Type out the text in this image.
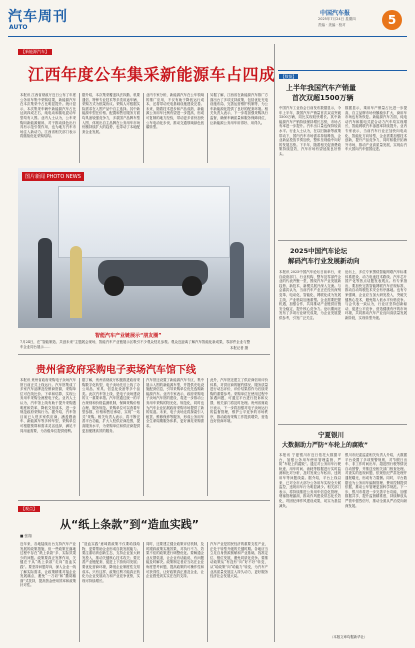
汽车周刊
AUTO
中国汽车报
2025年7月24日 星期四
责编 · 美编 · 校对	5
【新能源汽车】
江西年度公车集采新能源车占四成
本报讯 江西省财政厅近日公布了年度公务用车集中采购结果，新能源汽车在本次集采中占比明显提升。统计显示，本次集采车辆中新能源汽车占比达到四成左右，纯电动和插电混动车型均有入围。业内人士认为，公车采购向新能源倾斜，对于推动绿色出行具有示范引领作用，也为地方汽车市场注入新动力。江西省相关部门表示将继续优化采购结构。
据介绍，本次集采覆盖执法执勤、机要通信、特种专业技术等多类用途车辆，采购方式为框架协议。采购人可根据实际需求在入围产品中自主选择。其中新能源车型在价格、配置和售后服务方面均具备较强竞争力，多款国产品牌车型入围，体现出自主品牌在公务用车市场份额持续扩大的趋势，也带动了本地配套企业发展。
业内专家分析，新能源汽车在公车领域的推广应用，不仅有助于降低运行成本，还将带动充电基础设施建设完善。未来，随着技术进步和产品成熟，新能源公务用车比例有望进一步提高，形成可复制的地方经验，带动更多省份加快公车电动化步伐，推动交通领域绿色低碳转型。
另据了解，江西省在新能源汽车推广方面出台了多项支持政策，包括优化充电设施布局、完善运营维护机制等，为公车新能源化提供了良好的配套环境。相关负责人表示，下一步将加强采购执行监督，确保车辆质量和服务保障到位，让新能源公务用车用得好、用得久。
图片新闻 PHOTO NEWS
智能汽车产业链展示“朋友圈”
7月24日，在“智能制造、共创未来”主题展会现场，智能汽车产业链展示区吸引不少观众驻足参观。观众近距离了解汽车智能化新成果，零部件企业与整车企业同台展示……	本报记者 摄
贵州省政府采购电子卖场汽车馆下线
本报讯 贵州省政府采购电子卖场汽车馆日前正式上线运行。汽车馆集成了多家汽车品牌及经销商资源，采购单位可在线比价、下单和结算，实现公务用车采购全流程电子化。业内人士认为，汽车馆上线有助于提升采购透明度和效率，降低交易成本，进一步规范政府采购行为。据介绍，汽车馆目前已入驻多家供应商，涵盖燃油车、新能源车等多种车型，采购单位可根据预算和需求灵活选择，满足不同用途需要，为各级单位提供便利。
据了解，贵州省财政厅积极推进政府采购数字化转型，电子卖场先后上线了办公用品、家具、信息化设备等多个品类。此次汽车馆上线，是电子卖场建设的又一重要举措。汽车馆通过统一的平台规则和价格监测机制，保障采购价格合理、服务规范。采购单位可以查看车型参数、价格和售后承诺，实现“一站式”采购。相关负责人表示，将不断完善平台功能，扩大入驻供应商范围，提高服务水平，为采购单位和供应商提供更加便捷高效的服务。
汽车馆还设置了新能源汽车专区，集中展示入围的新能源车型，并提供充电设施配套信息，引导采购单位优先选购新能源汽车。业内专家表示，政府采购电子卖场汽车馆的建设，将进一步推动公务用车采购的阳光化、规范化，同时也为汽车企业拓展政府采购市场提供了新的渠道。未来，电子卖场还将探索引入租赁、维修保养等服务，形成公务用车全生命周期服务体系，更好满足采购需求。
此外，汽车馆还建立了供应商信用评价体系，对供应商的履约情况、服务质量进行动态评价，评价结果将作为后续采购的重要参考。采购单位在使用过程中如遇问题，可通过平台进行投诉和反馈，相关部门将及时处理。贵州省财政厅表示，下一步将加强对电子卖场运行的监督管理，维护公平竞争的市场秩序，推动政府采购工作提质增效，营造良好营商环境。
【观点】
从“纸上条款”到“造血实践”
■ 张翔
近年来，各地陆续出台支持汽车产业发展的政策措施，但一些政策在落地过程中存在“纸上条款”多、实际效果少的问题。政策要真正发挥作用，关键在于从“纸上条款”走向“造血实践”。要坚持问题导向，深入企业一线了解实际需求，让政策精准对接企业发展痛点，避免“一刀切”和“撒胡椒面”式扶持，提高资金使用效率和政策针对性。
“造血实践”意味着政策不仅要给钱给物，更要帮助企业形成自我发展能力。要注重培育创新生态，支持企业加大研发投入，推动关键核心技术攻关；要完善产业链配套，促进上下游协同发展；要优化营商环境，降低企业制度性交易成本。只有这样，政策红利才能真正转化为企业发展动力和产业竞争优势，实现可持续增长。
同时，还要建立健全政策评估机制，及时跟踪政策实施效果，对执行不力、效果不佳的政策进行调整优化。要畅通企业反馈渠道，让企业有话能说、有问题能及时解决。政策制定者应当站在企业角度思考问题，提高政策的可操作性和可获得性，让好政策真正惠及企业，让企业感受到实实在在的支持。
汽车产业是国民经济的重要支柱产业，正处于转型升级的关键时期。各地应当立足自身资源禀赋和产业基础，找准定位、错位发展，避免同质化竞争。要推动政策从“有没有”向“好不好”转变，从“给政策”向“给能力”转变，为汽车产业高质量发展注入持久动力，更好服务经济社会发展大局。
【数据】
上半年我国汽车产销量
首次双超1500万辆
中国汽车工业协会日前发布数据显示，今年上半年，我国汽车产销量首次双双突破1500万辆，同比实现较快增长。其中新能源汽车产销持续保持增长态势，市场占有率进一步提升。汽车出口量也保持较高水平。行业人士认为，在以旧换新等政策带动下，国内汽车市场需求持续释放，企业新品投放节奏加快，整体呈现稳中向好的发展态势。下半年，随着相关促消费政策持续显效，汽车市场有望延续良好势头。
数据显示，乘用车产销量占比进一步提高，自主品牌市场份额稳步扩大，商用车市场也有所恢复。新能源汽车方面，纯电动汽车和插电式混合动力汽车均实现增长，智能网联汽车渗透率持续提升。业内专家表示，当前汽车行业正加快向电动化、智能化方向转型，企业需要加强技术创新，提升产品竞争力，同时积极开拓海外市场，推动产业高质量发展，实现由汽车大国向汽车强国迈进。
2025中国汽车论坛
解码汽车行业发展新动向
本报讯 2025中国汽车论坛日前举行，来自政府部门、行业机构、整车及零部件企业的代表齐聚一堂，围绕汽车产业发展新趋势、新技术、新模式展开深入交流。与会嘉宾认为，当前汽车产业正在经历深刻变革，电动化、智能化、网联化成为发展主线，产业格局加速重塑。企业需要把握机遇，加强合作，共同推动产业链供应链安全稳定，提升核心竞争力。论坛期间还发布了多项行业研究成果，为企业发展提供参考，引发广泛关注。
论坛上，多位专家围绕智能网联汽车标准体系建设、动力电池技术路线、汽车芯片国产化等热点话题发表观点。有专家指出，要加快完善智能网联汽车法规标准，推动自动驾驶技术安全有序落地。也有专家强调，企业应当加大研发投入，突破关键核心技术，避免陷入低水平价格竞争。与会代表一致认为，行业应坚持创新驱动，促进公平竞争，营造健康有序的市场环境，共同推动汽车产业迈向高质量发展新阶段，实现转型升级。
宁夏银川
大数据助力严防“车轮上的腐败”
本报讯 宁夏银川市近日依托大数据平台，加强公务用车使用管理监督，严防“车轮上的腐败”。通过对公务用车行驶轨迹、用车时间、油耗等数据进行实时监测和比对分析，及时发现公车私用、违规用车等问题线索。据介绍，平台上线以来，已对全市大部分公务用车实现全天候监控，违规用车行为明显减少。相关部门表示，将持续推进公务用车信息化管理，堵塞管理漏洞，推动作风建设常态化长效化，巩固纪律作风建设成果，切实为基层减负。
银川市纪委监委相关负责人介绍，大数据平台设置了多项预警规则，对节假日出车、非工作时间出车、超范围行驶等情况自动预警，并推送至相关部门核查处理。对查实的违规问题，依规依纪严肃处理并通报曝光，形成有力震慑。同时，平台数据也为公务用车编制管理、费用控制提供依据，推动公车管理更加科学规范。下一步，银川市将进一步完善平台功能，加强数据共享，提升监督精准度，持续释放从严管车强烈信号，推动全面从严治党向纵深发展。
（本版文章均据新华社）
